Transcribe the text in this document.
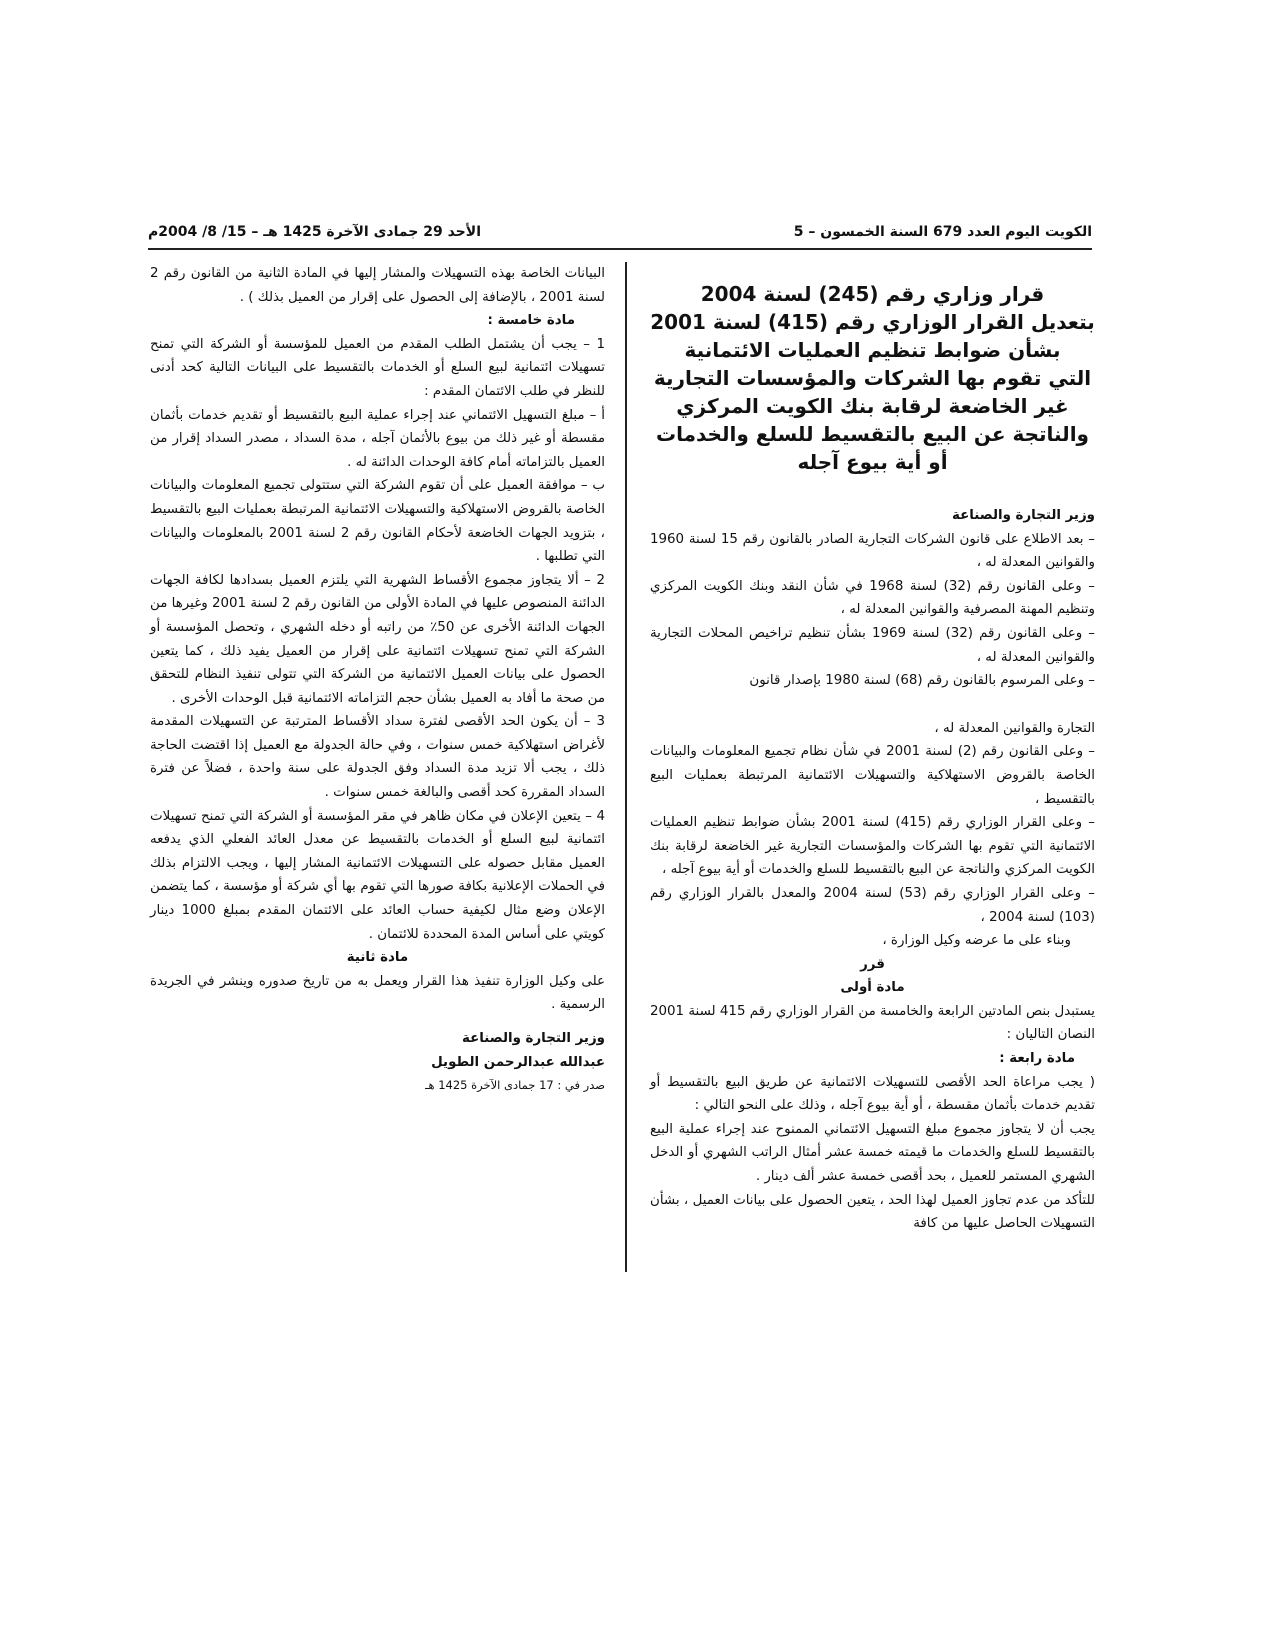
الكويت اليوم العدد 679 السنة الخمسون – 5
الأحد 29 جمادى الآخرة 1425 هـ – 15/ 8/ 2004م
قرار وزاري رقم (245) لسنة 2004
بتعديل القرار الوزاري رقم (415) لسنة 2001
بشأن ضوابط تنظيم العمليات الائتمانية
التي تقوم بها الشركات والمؤسسات التجارية
غير الخاضعة لرقابة بنك الكويت المركزي
والناتجة عن البيع بالتقسيط للسلع والخدمات
أو أية بيوع آجله

وزير التجارة والصناعة

– بعد الاطلاع على قانون الشركات التجارية الصادر بالقانون رقم 15 لسنة 1960 والقوانين المعدلة له ،

– وعلى القانون رقم (32) لسنة 1968 في شأن النقد وبنك الكويت المركزي وتنظيم المهنة المصرفية والقوانين المعدلة له ،

– وعلى القانون رقم (32) لسنة 1969 بشأن تنظيم تراخيص المحلات التجارية والقوانين المعدلة له ،

– وعلى المرسوم بالقانون رقم (68) لسنة 1980 بإصدار قانون

التجارة والقوانين المعدلة له ،

– وعلى القانون رقم (2) لسنة 2001 في شأن نظام تجميع المعلومات والبيانات الخاصة بالقروض الاستهلاكية والتسهيلات الائتمانية المرتبطة بعمليات البيع بالتقسيط ،

– وعلى القرار الوزاري رقم (415) لسنة 2001 بشأن ضوابط تنظيم العمليات الائتمانية التي تقوم بها الشركات والمؤسسات التجارية غير الخاضعة لرقابة بنك الكويت المركزي والناتجة عن البيع بالتقسيط للسلع والخدمات أو أية بيوع آجله ،

– وعلى القرار الوزاري رقم (53) لسنة 2004 والمعدل بالقرار الوزاري رقم (103) لسنة 2004 ،

وبناء على ما عرضه وكيل الوزارة ،

قرر

مادة أولى

يستبدل بنص المادتين الرابعة والخامسة من القرار الوزاري رقم 415 لسنة 2001 النصان التاليان :

مادة رابعة :

( يجب مراعاة الحد الأقصى للتسهيلات الائتمانية عن طريق البيع بالتقسيط أو تقديم خدمات بأثمان مقسطة ، أو أية بيوع آجله ، وذلك على النحو التالي :

يجب أن لا يتجاوز مجموع مبلغ التسهيل الائتماني الممنوح عند إجراء عملية البيع بالتقسيط للسلع والخدمات ما قيمته خمسة عشر أمثال الراتب الشهري أو الدخل الشهري المستمر للعميل ، بحد أقصى خمسة عشر ألف دينار .

للتأكد من عدم تجاوز العميل لهذا الحد ، يتعين الحصول على بيانات العميل ، بشأن التسهيلات الحاصل عليها من كافة

البيانات الخاصة بهذه التسهيلات والمشار إليها في المادة الثانية من القانون رقم 2 لسنة 2001 ، بالإضافة إلى الحصول على إقرار من العميل بذلك ) .

مادة خامسة :

1 – يجب أن يشتمل الطلب المقدم من العميل للمؤسسة أو الشركة التي تمنح تسهيلات ائتمانية لبيع السلع أو الخدمات بالتقسيط على البيانات التالية كحد أدنى للنظر في طلب الائتمان المقدم :

أ – مبلغ التسهيل الائتماني عند إجراء عملية البيع بالتقسيط أو تقديم خدمات بأثمان مقسطة أو غير ذلك من بيوع بالأثمان آجله ، مدة السداد ، مصدر السداد إقرار من العميل بالتزاماته أمام كافة الوحدات الدائنة له .

ب – موافقة العميل على أن تقوم الشركة التي ستتولى تجميع المعلومات والبيانات الخاصة بالقروض الاستهلاكية والتسهيلات الائتمانية المرتبطة بعمليات البيع بالتقسيط ، بتزويد الجهات الخاضعة لأحكام القانون رقم 2 لسنة 2001 بالمعلومات والبيانات التي تطلبها .

2 – ألا يتجاوز مجموع الأقساط الشهرية التي يلتزم العميل بسدادها لكافة الجهات الدائنة المنصوص عليها في المادة الأولى من القانون رقم 2 لسنة 2001 وغيرها من الجهات الدائنة الأخرى عن 50٪ من راتبه أو دخله الشهري ، وتحصل المؤسسة أو الشركة التي تمنح تسهيلات ائتمانية على إقرار من العميل يفيد ذلك ، كما يتعين الحصول على بيانات العميل الائتمانية من الشركة التي تتولى تنفيذ النظام للتحقق من صحة ما أفاد به العميل بشأن حجم التزاماته الائتمانية قبل الوحدات الأخرى .

3 – أن يكون الحد الأقصى لفترة سداد الأقساط المترتبة عن التسهيلات المقدمة لأغراض استهلاكية خمس سنوات ، وفي حالة الجدولة مع العميل إذا اقتضت الحاجة ذلك ، يجب ألا تزيد مدة السداد وفق الجدولة على سنة واحدة ، فضلاً عن فترة السداد المقررة كحد أقصى والبالغة خمس سنوات .

4 – يتعين الإعلان في مكان ظاهر في مقر المؤسسة أو الشركة التي تمنح تسهيلات ائتمانية لبيع السلع أو الخدمات بالتقسيط عن معدل العائد الفعلي الذي يدفعه العميل مقابل حصوله على التسهيلات الائتمانية المشار إليها ، ويجب الالتزام بذلك في الحملات الإعلانية بكافة صورها التي تقوم بها أي شركة أو مؤسسة ، كما يتضمن الإعلان وضع مثال لكيفية حساب العائد على الائتمان المقدم بمبلغ 1000 دينار كويتي على أساس المدة المحددة للائتمان .

مادة ثانية

على وكيل الوزارة تنفيذ هذا القرار ويعمل به من تاريخ صدوره وينشر في الجريدة الرسمية .

وزير التجارة والصناعة

عبدالله عبدالرحمن الطويل

صدر في : 17 جمادى الآخرة 1425 هـ
